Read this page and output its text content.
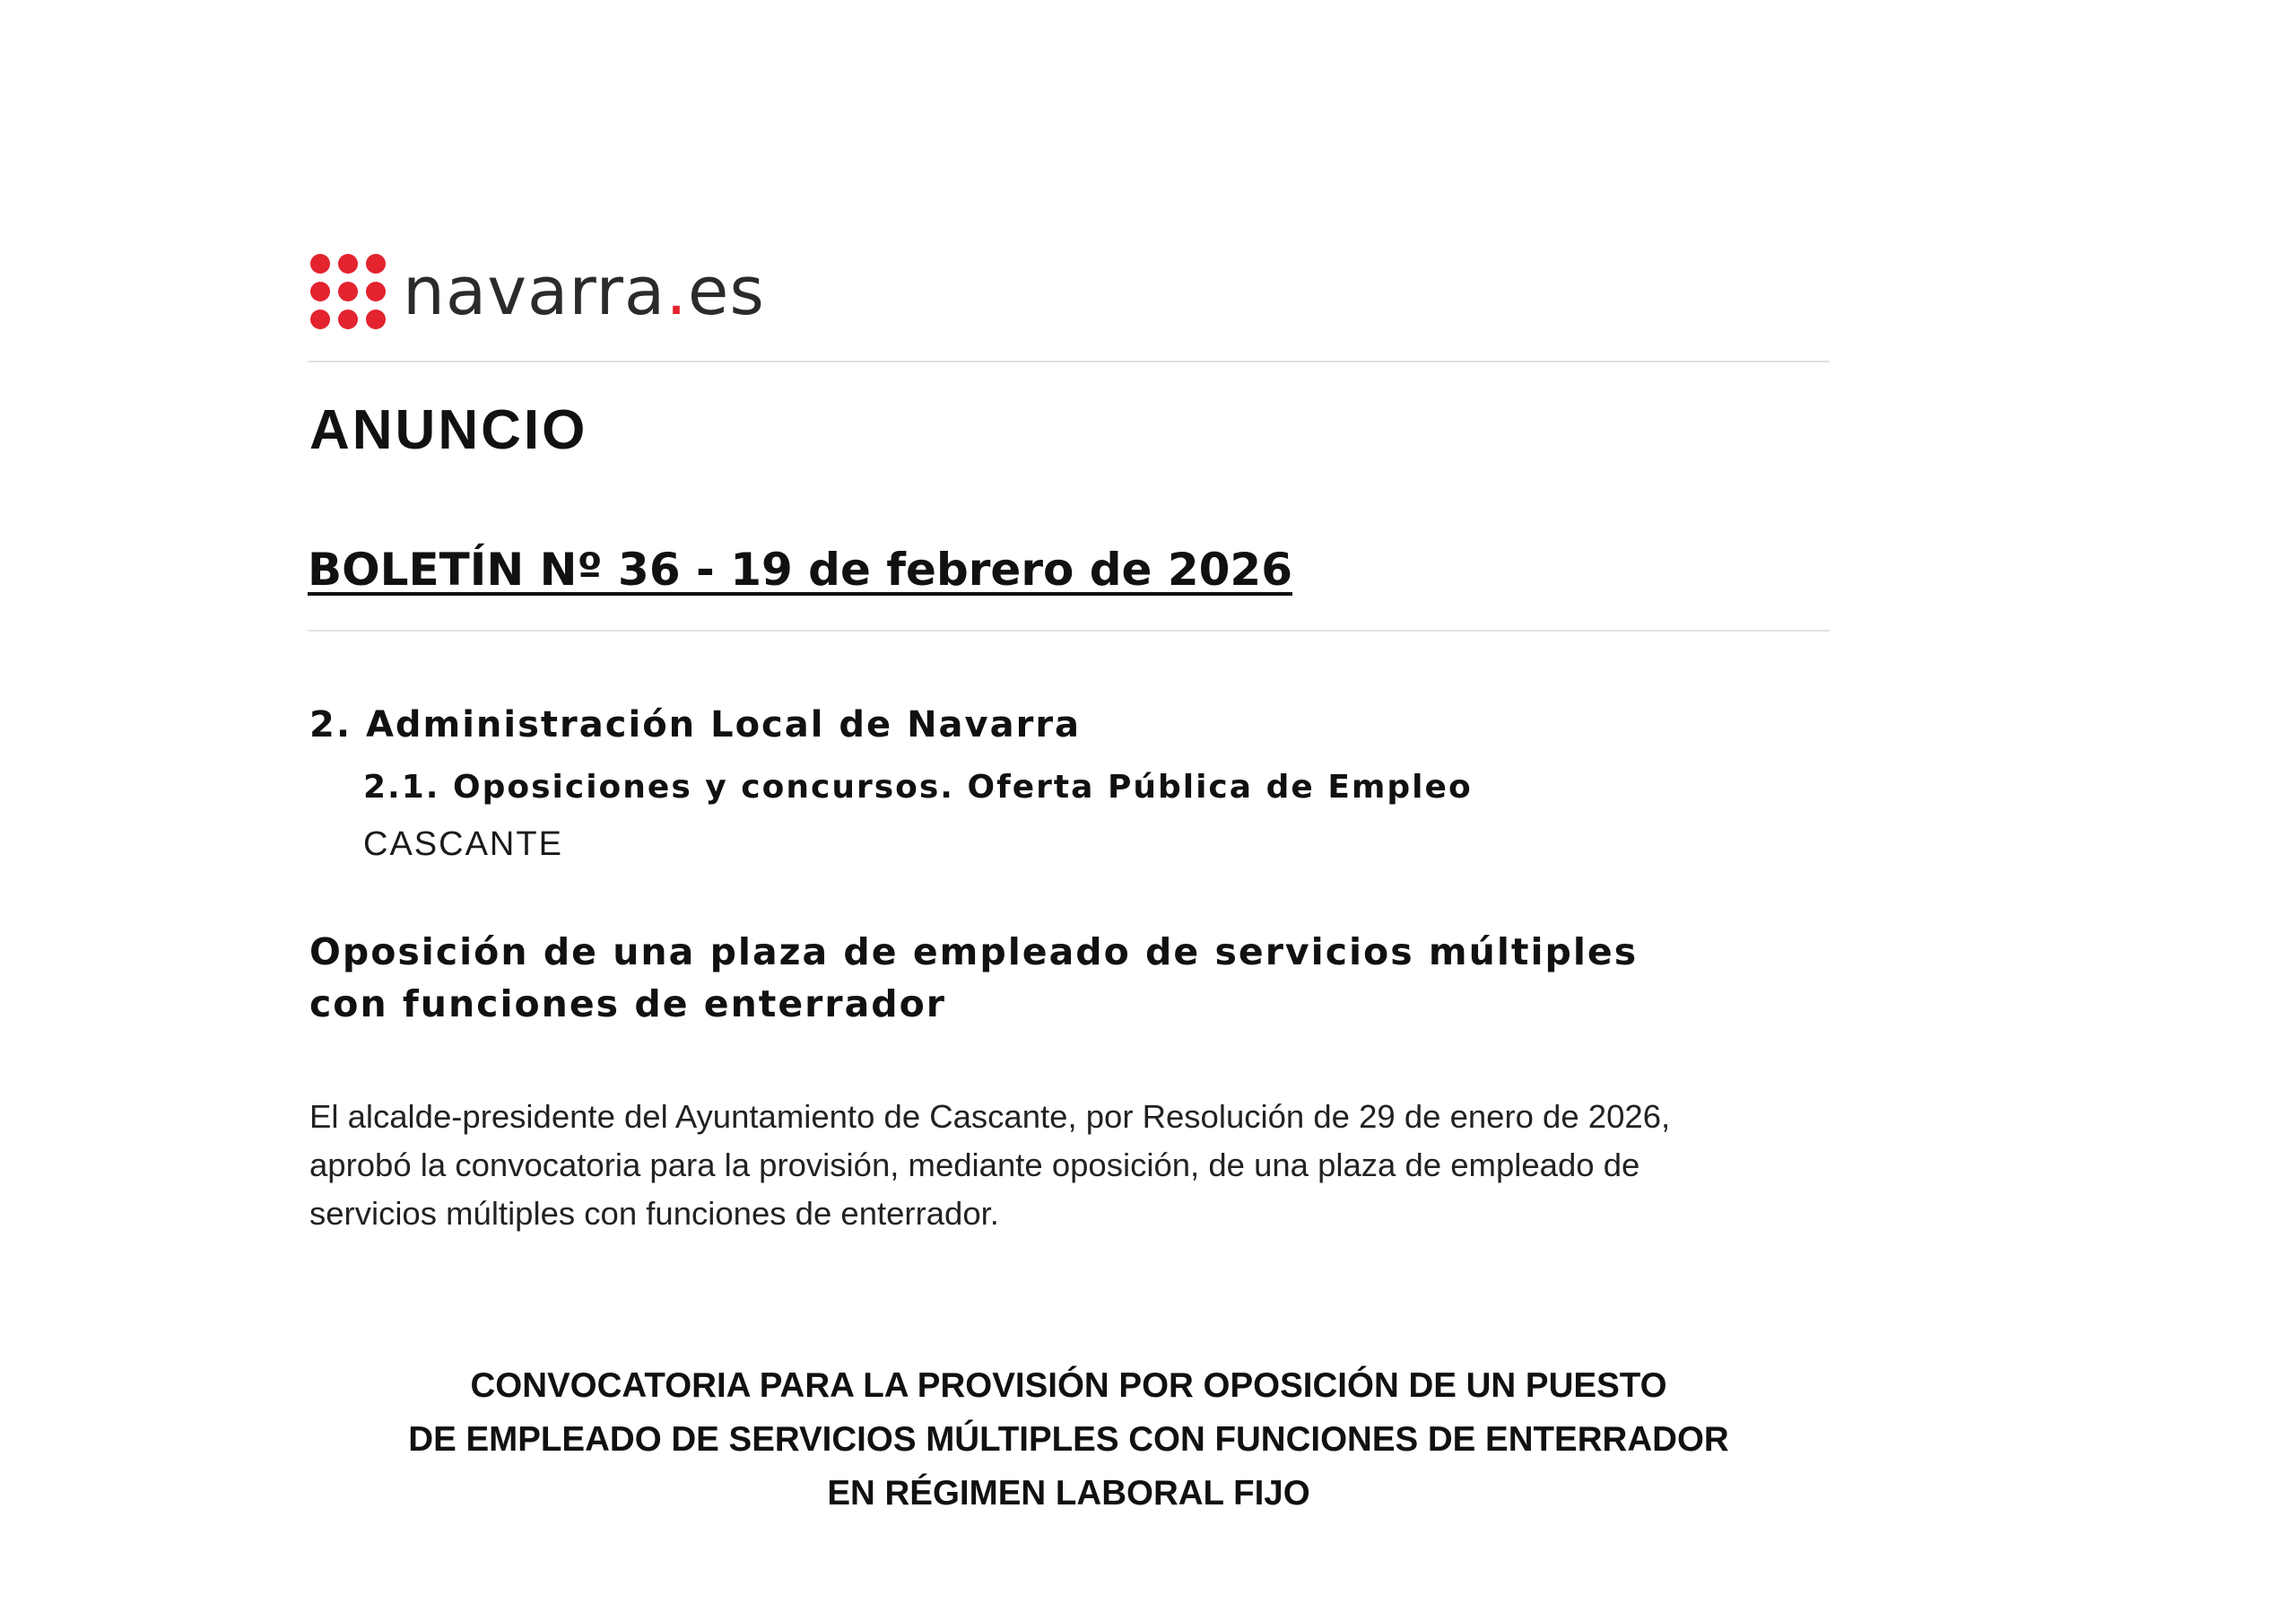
navarra.es
ANUNCIO
BOLETÍN Nº 36 - 19 de febrero de 2026
2. Administración Local de Navarra
2.1. Oposiciones y concursos. Oferta Pública de Empleo
CASCANTE
Oposición de una plaza de empleado de servicios múltiples
con funciones de enterrador
El alcalde-presidente del Ayuntamiento de Cascante, por Resolución de 29 de enero de 2026,
aprobó la convocatoria para la provisión, mediante oposición, de una plaza de empleado de
servicios múltiples con funciones de enterrador.
CONVOCATORIA PARA LA PROVISIÓN POR OPOSICIÓN DE UN PUESTO
DE EMPLEADO DE SERVICIOS MÚLTIPLES CON FUNCIONES DE ENTERRADOR
EN RÉGIMEN LABORAL FIJO
